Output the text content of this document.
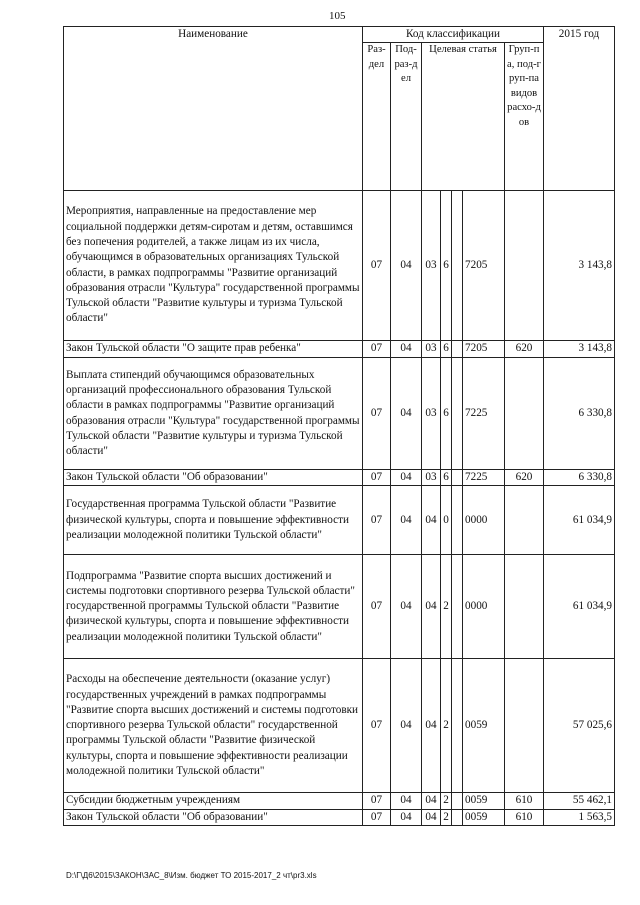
105
Наименование	Код классификации							2015 год
	Раз-дел	Под-раз-дел	Целевая статья				Груп-па, под-груп-па видов расхо-дов	
Мероприятия, направленные на предоставление мер социальной поддержки детям-сиротам и детям, оставшимся без попечения родителей, а также лицам из их числа, обучающимся в образовательных организациях Тульской области, в рамках подпрограммы "Развитие организаций образования отрасли "Культура" государственной программы Тульской области "Развитие культуры и туризма Тульской области"	07	04	03	6		7205		3 143,8
Закон Тульской области "О защите прав ребенка"	07	04	03	6		7205	620	3 143,8
Выплата стипендий обучающимся образовательных организаций профессионального образования Тульской области в рамках подпрограммы "Развитие организаций образования отрасли "Культура" государственной программы Тульской области "Развитие культуры и туризма Тульской области"	07	04	03	6		7225		6 330,8
Закон Тульской области "Об образовании"	07	04	03	6		7225	620	6 330,8
Государственная программа Тульской области "Развитие физической культуры, спорта и повышение эффективности реализации молодежной политики Тульской области"	07	04	04	0		0000		61 034,9
Подпрограмма "Развитие спорта высших достижений и системы подготовки спортивного резерва Тульской области" государственной программы Тульской области "Развитие физической культуры, спорта и повышение эффективности реализации молодежной политики Тульской области"	07	04	04	2		0000		61 034,9
Расходы на обеспечение деятельности (оказание услуг) государственных учреждений в рамках подпрограммы "Развитие спорта высших достижений и системы подготовки спортивного резерва Тульской области" государственной программы Тульской области "Развитие физической культуры, спорта и повышение эффективности реализации молодежной политики Тульской области"	07	04	04	2		0059		57 025,6
Субсидии бюджетным учреждениям	07	04	04	2		0059	610	55 462,1
Закон Тульской области "Об образовании"	07	04	04	2		0059	610	1 563,5
D:\Г\Д6\2015\ЗАКОН\ЗАС_8\Изм. бюджет ТО 2015-2017_2 чт\pr3.xls
